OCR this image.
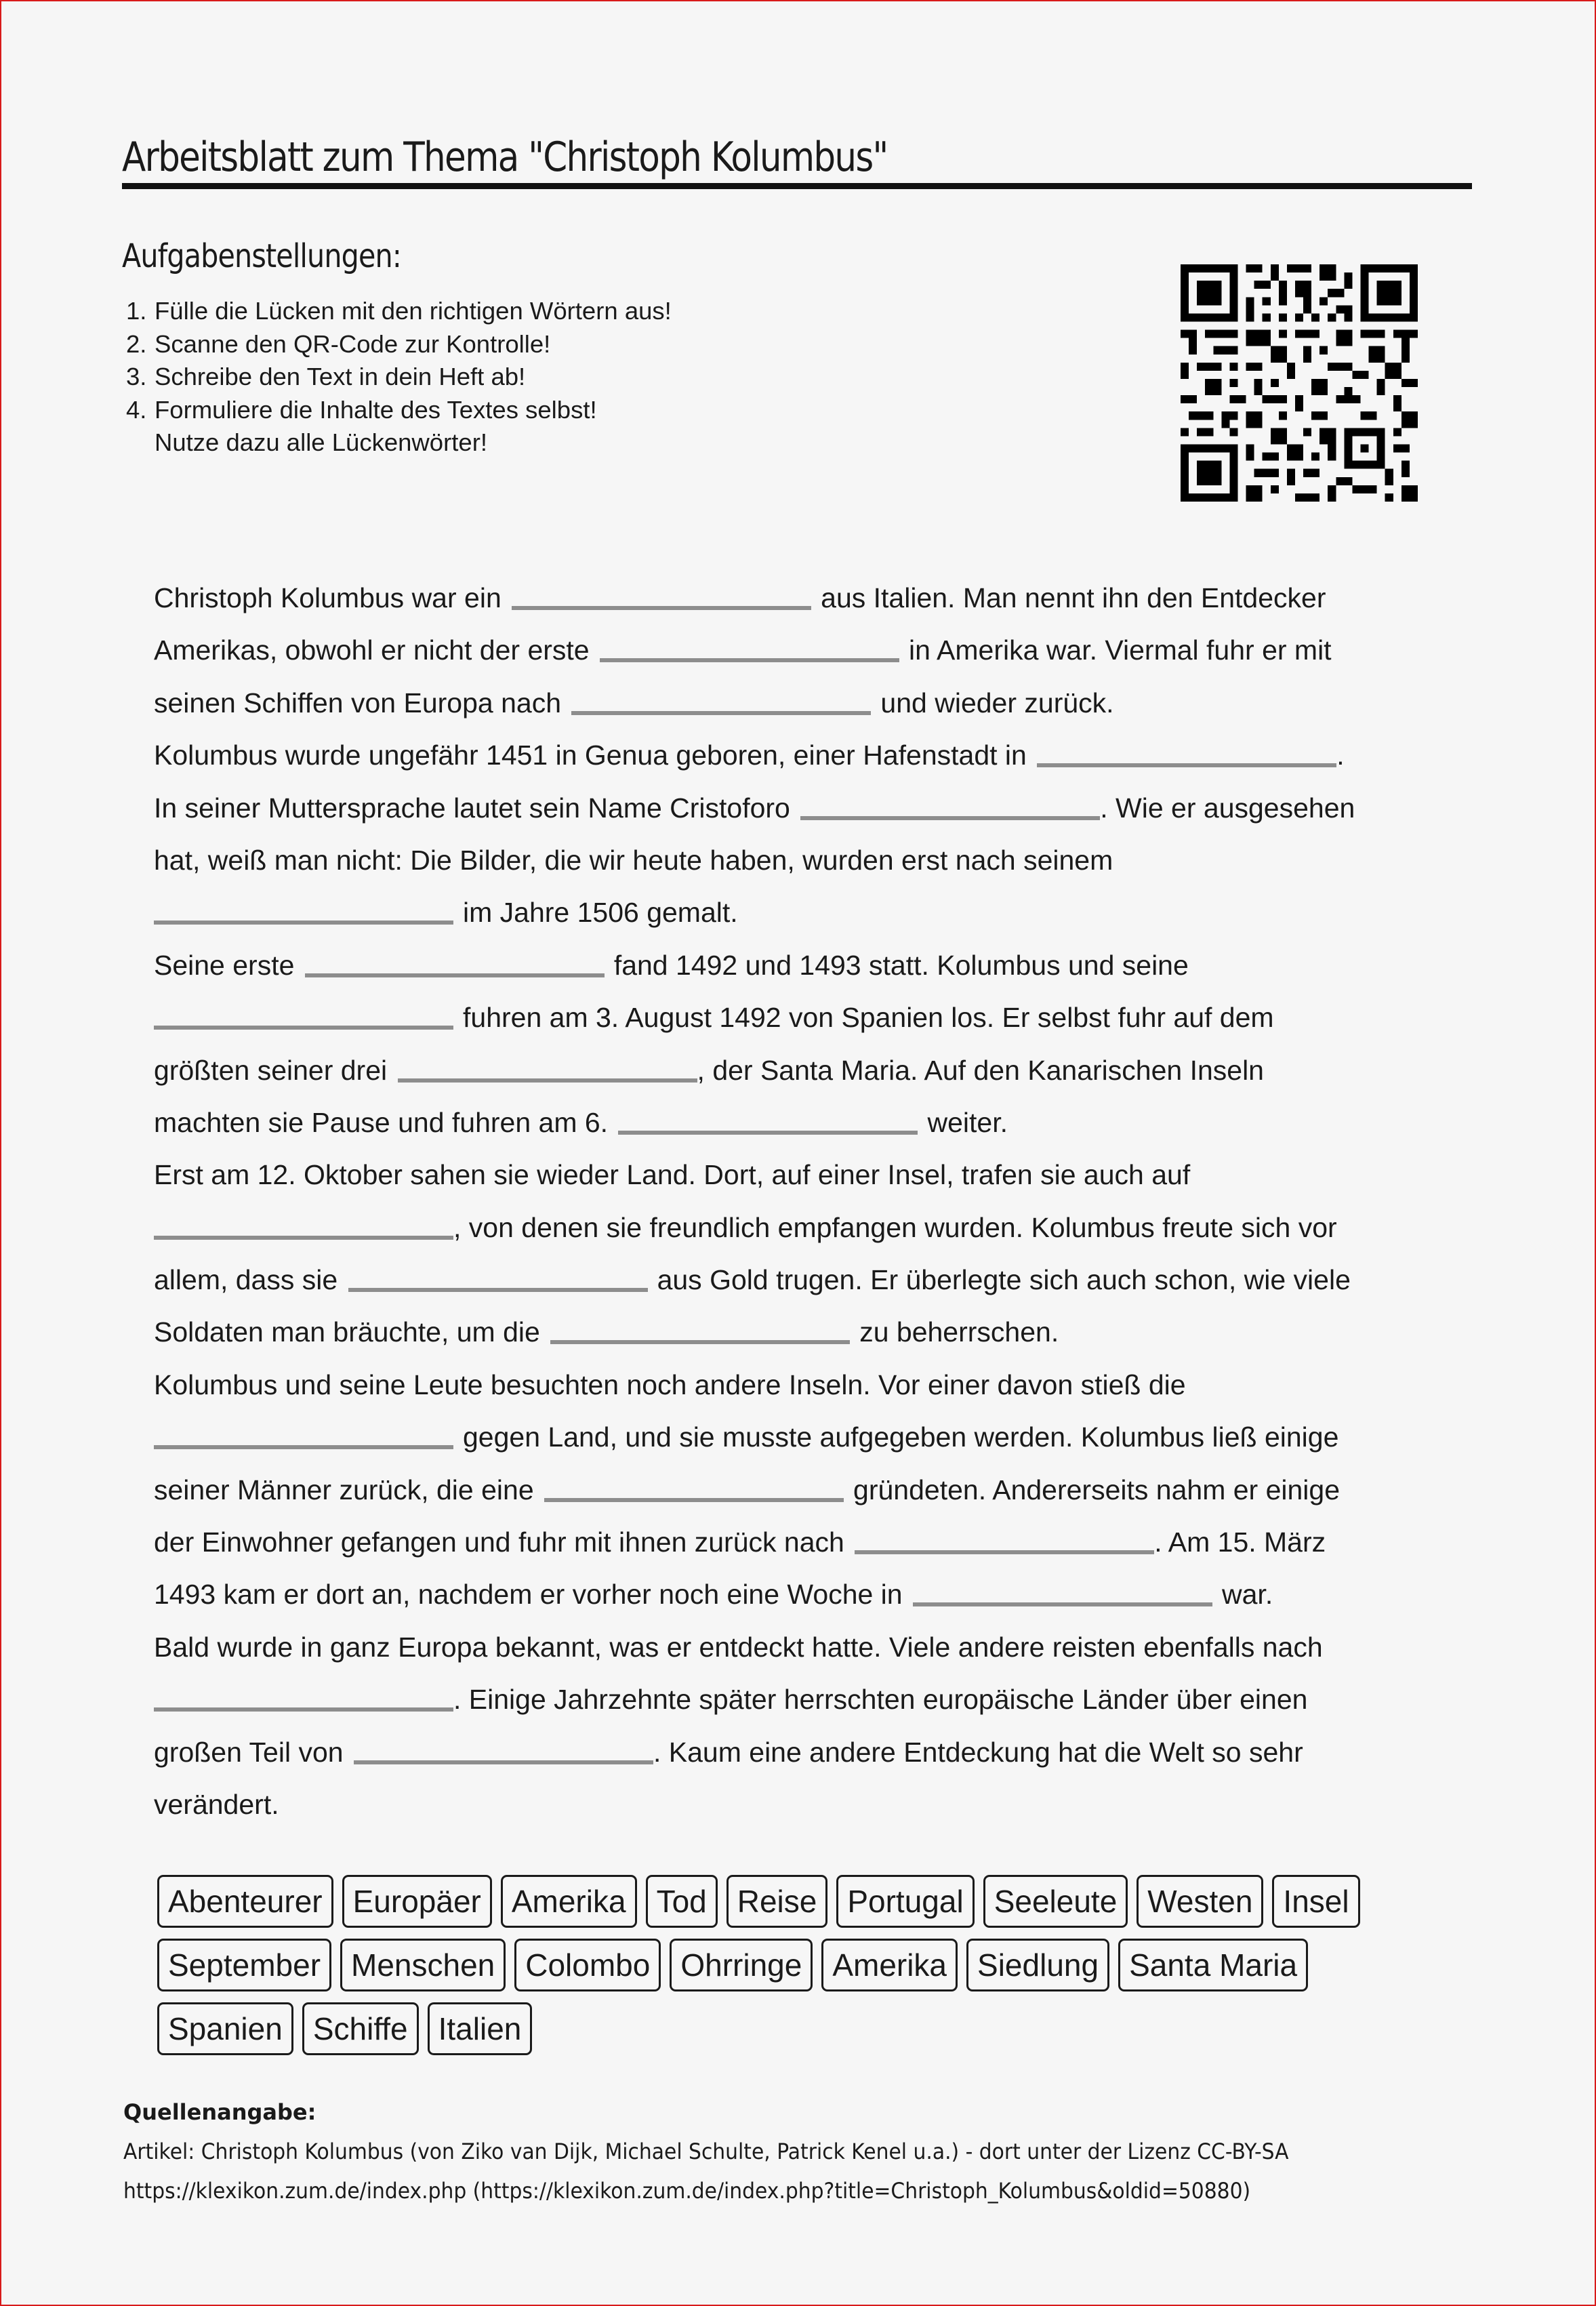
Arbeitsblatt zum Thema "Christoph Kolumbus"
Aufgabenstellungen:
1. Fülle die Lücken mit den richtigen Wörtern aus!
2. Scanne den QR-Code zur Kontrolle!
3. Schreibe den Text in dein Heft ab!
4. Formuliere die Inhalte des Textes selbst!
Nutze dazu alle Lückenwörter!
Christoph Kolumbus war ein	aus Italien. Man nennt ihn den Entdecker
Amerikas, obwohl er nicht der erste	in Amerika war. Viermal fuhr er mit
seinen Schiffen von Europa nach	und wieder zurück.
Kolumbus wurde ungefähr 1451 in Genua geboren, einer Hafenstadt in	.
In seiner Muttersprache lautet sein Name Cristoforo	. Wie er ausgesehen
hat, weiß man nicht: Die Bilder, die wir heute haben, wurden erst nach seinem
im Jahre 1506 gemalt.
Seine erste	fand 1492 und 1493 statt. Kolumbus und seine
fuhren am 3. August 1492 von Spanien los. Er selbst fuhr auf dem
größten seiner drei	, der Santa Maria. Auf den Kanarischen Inseln
machten sie Pause und fuhren am 6.	weiter.
Erst am 12. Oktober sahen sie wieder Land. Dort, auf einer Insel, trafen sie auch auf
, von denen sie freundlich empfangen wurden. Kolumbus freute sich vor
allem, dass sie	aus Gold trugen. Er überlegte sich auch schon, wie viele
Soldaten man bräuchte, um die	zu beherrschen.
Kolumbus und seine Leute besuchten noch andere Inseln. Vor einer davon stieß die
gegen Land, und sie musste aufgegeben werden. Kolumbus ließ einige
seiner Männer zurück, die eine	gründeten. Andererseits nahm er einige
der Einwohner gefangen und fuhr mit ihnen zurück nach	. Am 15. März
1493 kam er dort an, nachdem er vorher noch eine Woche in	war.
Bald wurde in ganz Europa bekannt, was er entdeckt hatte. Viele andere reisten ebenfalls nach
. Einige Jahrzehnte später herrschten europäische Länder über einen
großen Teil von	. Kaum eine andere Entdeckung hat die Welt so sehr
verändert.
Abenteurer Europäer Amerika Tod Reise Portugal Seeleute Westen Insel
September Menschen Colombo Ohrringe Amerika Siedlung Santa Maria
Spanien Schiffe Italien
Quellenangabe:
Artikel: Christoph Kolumbus (von Ziko van Dijk, Michael Schulte, Patrick Kenel u.a.) - dort unter der Lizenz CC-BY-SA
https://klexikon.zum.de/index.php (https://klexikon.zum.de/index.php?title=Christoph_Kolumbus&oldid=50880)
